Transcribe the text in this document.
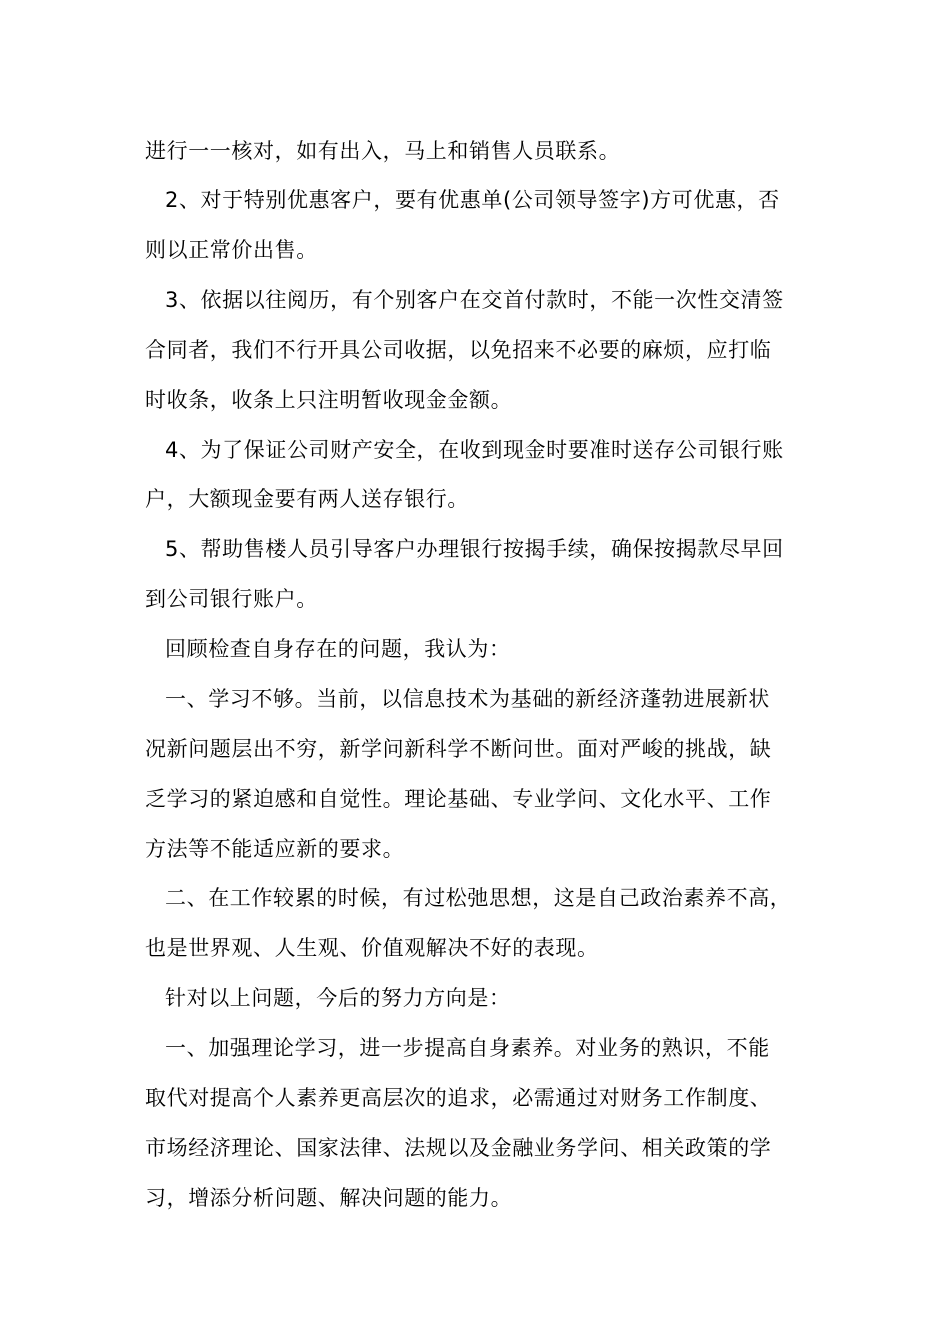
进行一一核对，如有出入，马上和销售人员联系。
2、对于特别优惠客户，要有优惠单(公司领导签字)方可优惠，否
则以正常价出售。
3、依据以往阅历，有个别客户在交首付款时，不能一次性交清签
合同者，我们不行开具公司收据，以免招来不必要的麻烦，应打临
时收条，收条上只注明暂收现金金额。
4、为了保证公司财产安全，在收到现金时要准时送存公司银行账
户，大额现金要有两人送存银行。
5、帮助售楼人员引导客户办理银行按揭手续，确保按揭款尽早回
到公司银行账户。
回顾检查自身存在的问题，我认为：
一、学习不够。当前，以信息技术为基础的新经济蓬勃进展新状
况新问题层出不穷，新学问新科学不断问世。面对严峻的挑战，缺
乏学习的紧迫感和自觉性。理论基础、专业学问、文化水平、工作
方法等不能适应新的要求。
二、在工作较累的时候，有过松弛思想，这是自己政治素养不高，
也是世界观、人生观、价值观解决不好的表现。
针对以上问题，今后的努力方向是：
一、加强理论学习，进一步提高自身素养。对业务的熟识，不能
取代对提高个人素养更高层次的追求，必需通过对财务工作制度、
市场经济理论、国家法律、法规以及金融业务学问、相关政策的学
习，增添分析问题、解决问题的能力。
